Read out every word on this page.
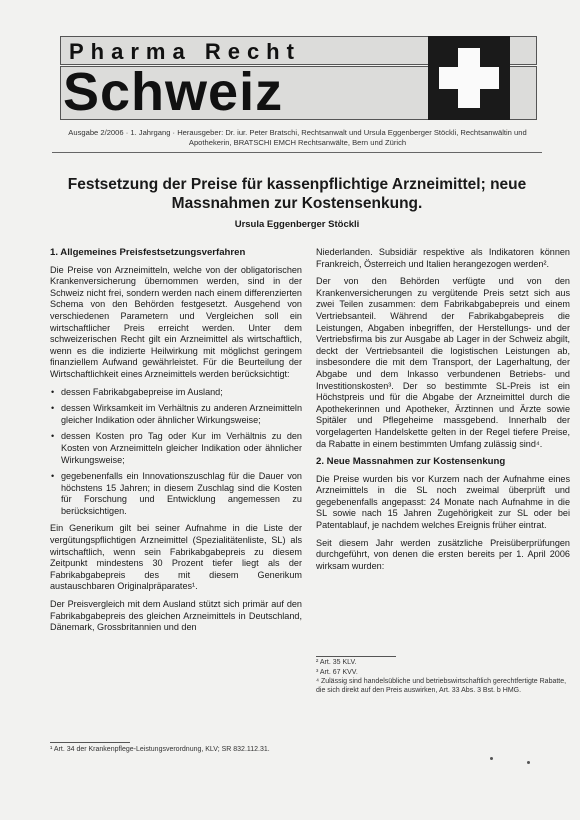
Pharma Recht
Schweiz
Ausgabe 2/2006 · 1. Jahrgang · Herausgeber: Dr. iur. Peter Bratschi, Rechtsanwalt und Ursula Eggenberger Stöckli, Rechtsanwältin und Apothekerin, BRATSCHI EMCH Rechtsanwälte, Bern und Zürich
Festsetzung der Preise für kassenpflichtige Arzneimittel; neue Massnahmen zur Kostensenkung.
Ursula Eggenberger Stöckli
1. Allgemeines Preisfestsetzungsverfahren

Die Preise von Arzneimitteln, welche von der obligatorischen Krankenversicherung übernommen werden, sind in der Schweiz nicht frei, sondern werden nach einem differenzierten Schema von den Behörden festgesetzt. Ausgehend von verschiedenen Parametern und Vergleichen soll ein wirtschaftlicher Preis erreicht werden. Unter dem schweizerischen Recht gilt ein Arzneimittel als wirtschaftlich, wenn es die indizierte Heilwirkung mit möglichst geringem finanziellem Aufwand gewährleistet. Für die Beurteilung der Wirtschaftlichkeit eines Arzneimittels werden berücksichtigt:

• dessen Fabrikabgabepreise im Ausland;
• dessen Wirksamkeit im Verhältnis zu anderen Arzneimitteln gleicher Indikation oder ähnlicher Wirkungsweise;
• dessen Kosten pro Tag oder Kur im Verhältnis zu den Kosten von Arzneimitteln gleicher Indikation oder ähnlicher Wirkungsweise;
• gegebenenfalls ein Innovationszuschlag für die Dauer von höchstens 15 Jahren; in diesem Zuschlag sind die Kosten für Forschung und Entwicklung angemessen zu berücksichtigen.

Ein Generikum gilt bei seiner Aufnahme in die Liste der vergütungspflichtigen Arzneimittel (Spezialitätenliste, SL) als wirtschaftlich, wenn sein Fabrikabgabepreis zu diesem Zeitpunkt mindestens 30 Prozent tiefer liegt als der Fabrikabgabepreis des mit diesem Generikum austauschbaren Originalpräparates¹.

Der Preisvergleich mit dem Ausland stützt sich primär auf den Fabrikabgabepreis des gleichen Arzneimittels in Deutschland, Dänemark, Grossbritannien und den

Niederlanden. Subsidiär respektive als Indikatoren können Frankreich, Österreich und Italien herangezogen werden².

Der von den Behörden verfügte und von den Krankenversicherungen zu vergütende Preis setzt sich aus zwei Teilen zusammen: dem Fabrikabgabepreis und einem Vertriebsanteil. Während der Fabrikabgabepreis die Leistungen, Abgaben inbegriffen, der Herstellungs- und der Vertriebsfirma bis zur Ausgabe ab Lager in der Schweiz abgilt, deckt der Vertriebsanteil die logistischen Leistungen ab, insbesondere die mit dem Transport, der Lagerhaltung, der Abgabe und dem Inkasso verbundenen Betriebs- und Investitionskosten³. Der so bestimmte SL-Preis ist ein Höchstpreis und für die Abgabe der Arzneimittel durch die Apothekerinnen und Apotheker, Ärztinnen und Ärzte sowie Spitäler und Pflegeheime massgebend. Innerhalb der vorgelagerten Handelskette gelten in der Regel tiefere Preise, da Rabatte in einem bestimmten Umfang zulässig sind⁴.

2. Neue Massnahmen zur Kostensenkung

Die Preise wurden bis vor Kurzem nach der Aufnahme eines Arzneimittels in die SL noch zweimal überprüft und gegebenenfalls angepasst: 24 Monate nach Aufnahme in die SL sowie nach 15 Jahren Zugehörigkeit zur SL oder bei Patentablauf, je nachdem welches Ereignis früher eintrat.

Seit diesem Jahr werden zusätzliche Preisüberprüfungen durchgeführt, von denen die ersten bereits per 1. April 2006 wirksam wurden:

¹ Art. 34 der Krankenpflege-Leistungsverordnung, KLV; SR 832.112.31.
² Art. 35 KLV.
³ Art. 67 KVV.
⁴ Zulässig sind handelsübliche und betriebswirtschaftlich gerechtfertigte Rabatte, die sich direkt auf den Preis auswirken, Art. 33 Abs. 3 Bst. b HMG.
